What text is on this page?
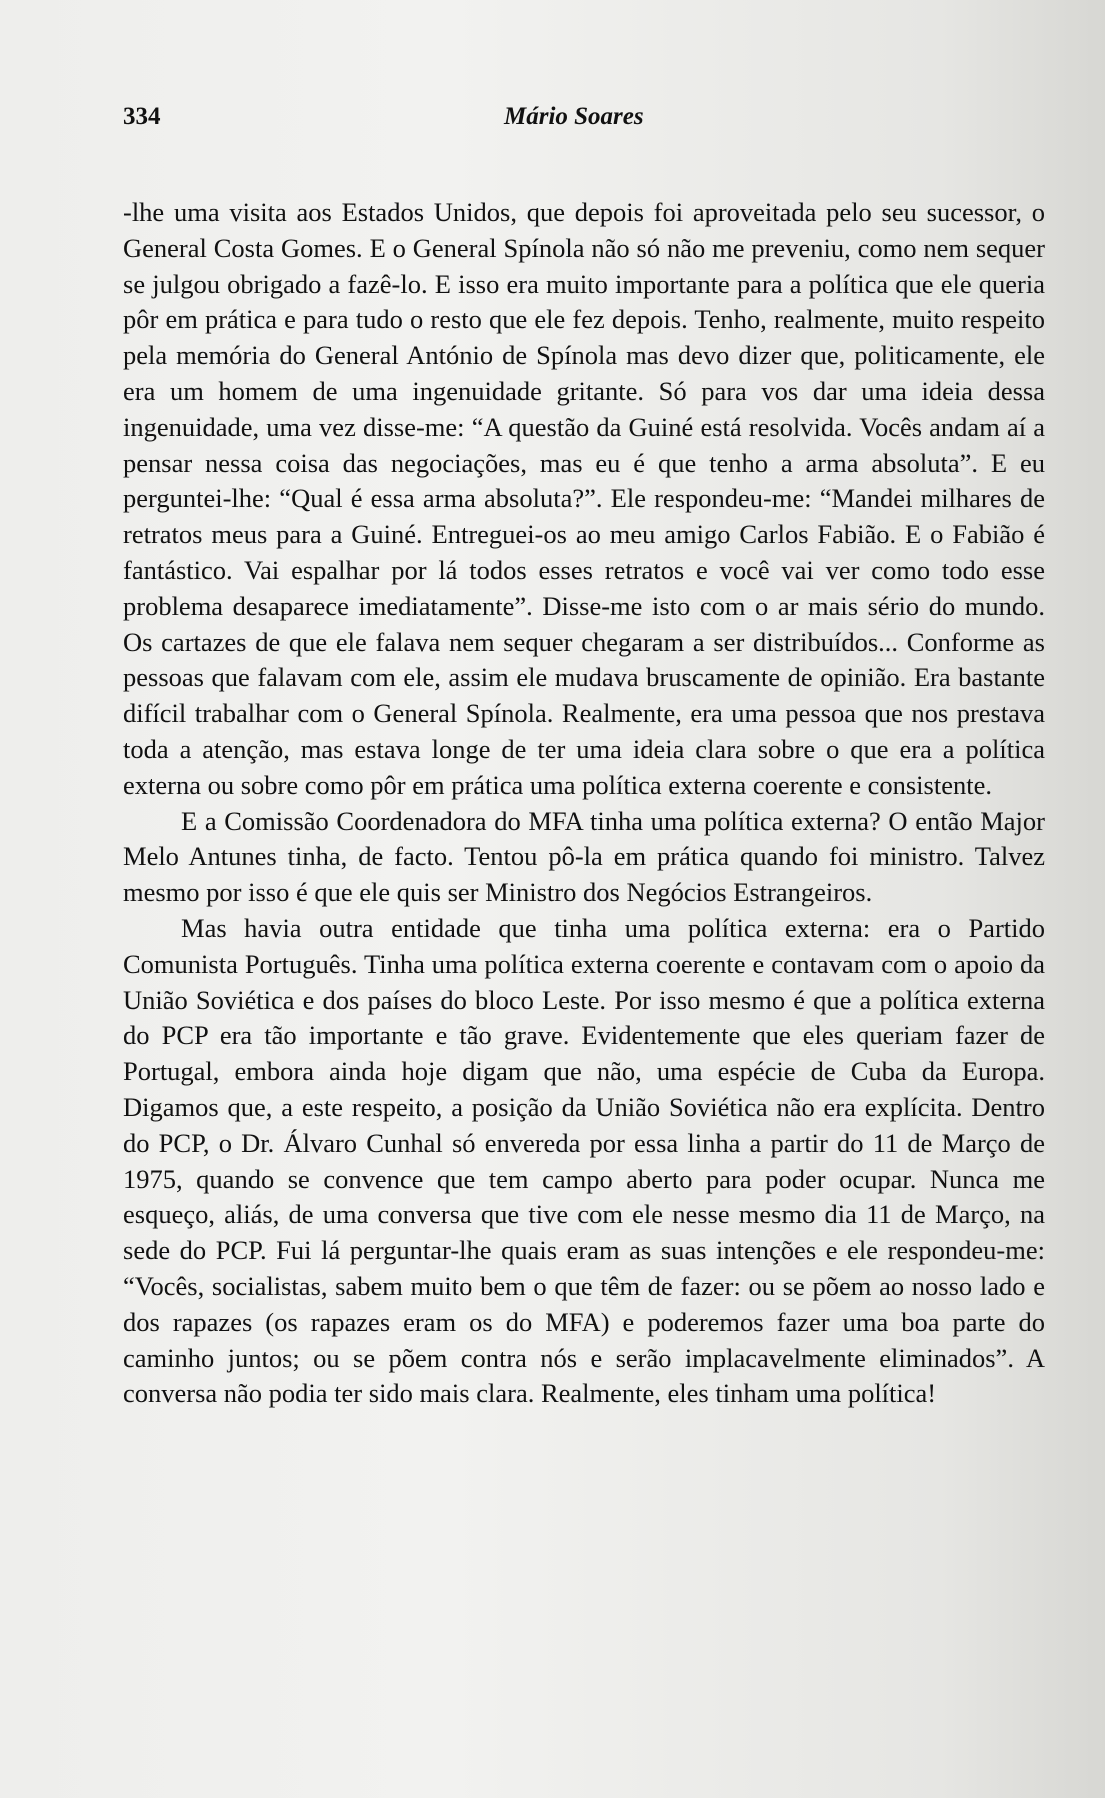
334	Mário Soares

-lhe uma visita aos Estados Unidos, que depois foi aproveitada pelo seu sucessor, o General Costa Gomes. E o General Spínola não só não me preveniu, como nem sequer se julgou obrigado a fazê-lo. E isso era muito importante para a política que ele queria pôr em prática e para tudo o resto que ele fez depois. Tenho, realmente, muito respeito pela memória do General António de Spínola mas devo dizer que, politicamente, ele era um homem de uma ingenuidade gritante. Só para vos dar uma ideia dessa ingenuidade, uma vez disse-me: “A questão da Guiné está resolvida. Vocês andam aí a pensar nessa coisa das negociações, mas eu é que tenho a arma absoluta”. E eu perguntei-lhe: “Qual é essa arma absoluta?”. Ele respondeu-me: “Mandei milhares de retratos meus para a Guiné. Entreguei-os ao meu amigo Carlos Fabião. E o Fabião é fantástico. Vai espalhar por lá todos esses retratos e você vai ver como todo esse problema desaparece imediatamente”. Disse-me isto com o ar mais sério do mundo. Os cartazes de que ele falava nem sequer chegaram a ser distribuídos... Conforme as pessoas que falavam com ele, assim ele mudava bruscamente de opinião. Era bastante difícil trabalhar com o General Spínola. Realmente, era uma pessoa que nos prestava toda a atenção, mas estava longe de ter uma ideia clara sobre o que era a política externa ou sobre como pôr em prática uma política externa coerente e consistente.

E a Comissão Coordenadora do MFA tinha uma política externa? O então Major Melo Antunes tinha, de facto. Tentou pô-la em prática quando foi ministro. Talvez mesmo por isso é que ele quis ser Ministro dos Negócios Estrangeiros.

Mas havia outra entidade que tinha uma política externa: era o Partido Comunista Português. Tinha uma política externa coerente e contavam com o apoio da União Soviética e dos países do bloco Leste. Por isso mesmo é que a política externa do PCP era tão importante e tão grave. Evidentemente que eles queriam fazer de Portugal, embora ainda hoje digam que não, uma espécie de Cuba da Europa. Digamos que, a este respeito, a posição da União Soviética não era explícita. Dentro do PCP, o Dr. Álvaro Cunhal só envereda por essa linha a partir do 11 de Março de 1975, quando se convence que tem campo aberto para poder ocupar. Nunca me esqueço, aliás, de uma conversa que tive com ele nesse mesmo dia 11 de Março, na sede do PCP. Fui lá perguntar-lhe quais eram as suas intenções e ele respondeu-me: “Vocês, socialistas, sabem muito bem o que têm de fazer: ou se põem ao nosso lado e dos rapazes (os rapazes eram os do MFA) e poderemos fazer uma boa parte do caminho juntos; ou se põem contra nós e serão implacavelmente eliminados”. A conversa não podia ter sido mais clara. Realmente, eles tinham uma política!
